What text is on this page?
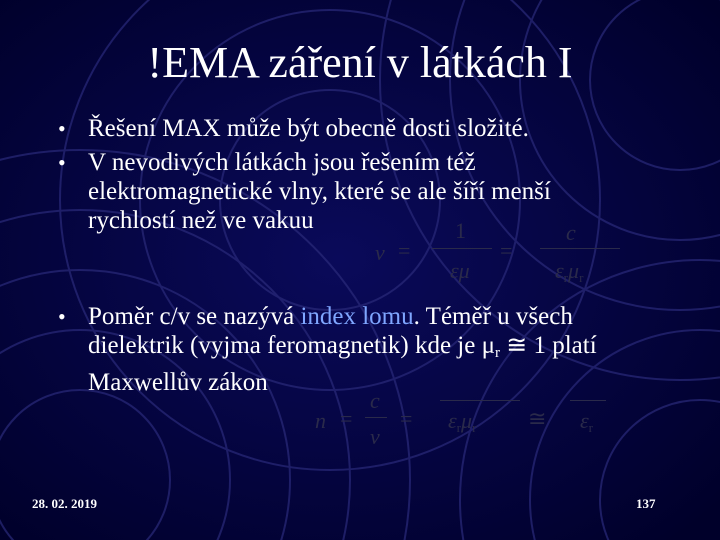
!EMA záření v látkách I
• Řešení MAX může být obecně dosti složité.
• V nevodivých látkách jsou řešením též elektromagnetické vlny, které se ale šíří menší rychlostí než ve vakuu
v =
1
εμ
=
c
$\varepsilon_r\mu_r$
• Poměr c/v se nazývá index lomu. Téměř u všech dielektrik (vyjma feromagnetik) kde je μr ≅ 1 platí Maxwellův zákon
n =
c
v
= $\varepsilon_r\mu_r$ ≅ $\varepsilon_r$
28. 02. 2019	137
